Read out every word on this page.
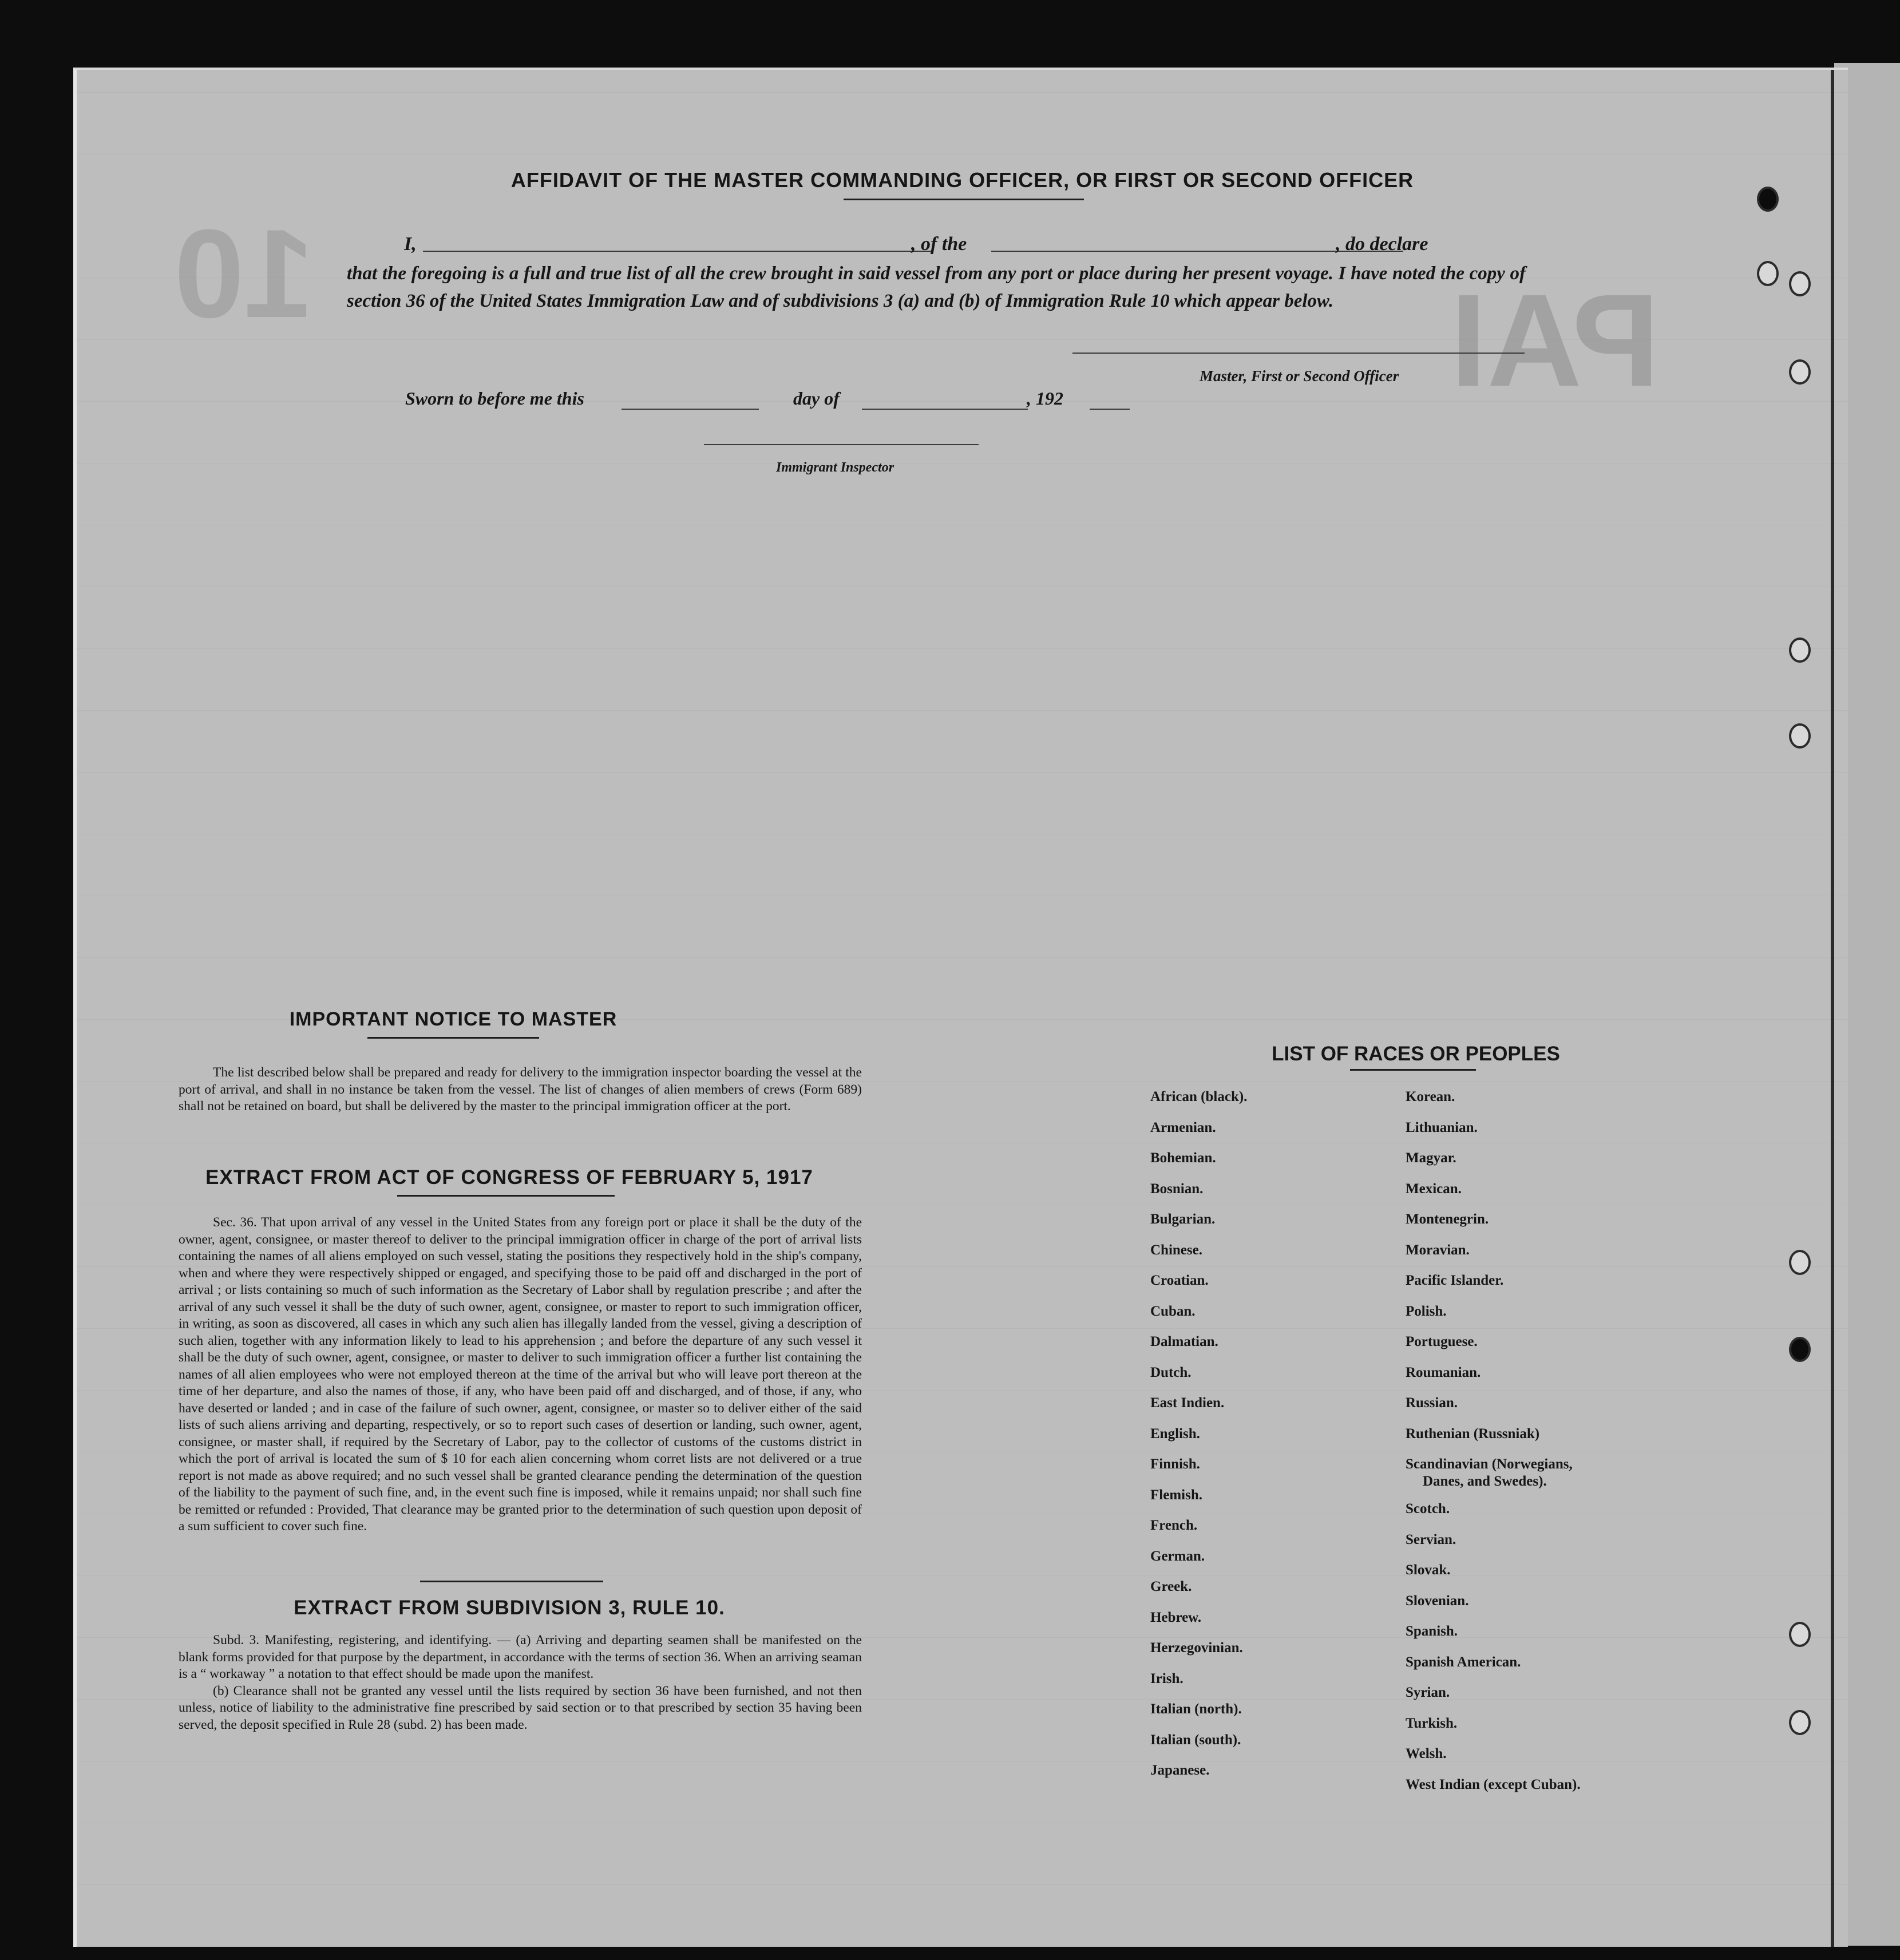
PAI
10
AFFIDAVIT OF THE MASTER COMMANDING OFFICER, OR FIRST OR SECOND OFFICER
I,	, of the	, do declare
that the foregoing is a full and true list of all the crew brought in said vessel from any port or place during her present voyage. I have noted the copy of section 36 of the United States Immigration Law and of subdivisions 3 (a) and (b) of Immigration Rule 10 which appear below.
Master, First or Second Officer
Sworn to before me this	day of	, 192
Immigrant Inspector
IMPORTANT NOTICE TO MASTER

The list described below shall be prepared and ready for delivery to the immigration inspector boarding the vessel at the port of arrival, and shall in no instance be taken from the vessel. The list of changes of alien members of crews (Form 689) shall not be retained on board, but shall be delivered by the master to the principal immigration officer at the port.

EXTRACT FROM ACT OF CONGRESS OF FEBRUARY 5, 1917

Sec. 36. That upon arrival of any vessel in the United States from any foreign port or place it shall be the duty of the owner, agent, consignee, or master thereof to deliver to the principal immigration officer in charge of the port of arrival lists containing the names of all aliens employed on such vessel, stating the positions they respectively hold in the ship's company, when and where they were respectively shipped or engaged, and specifying those to be paid off and discharged in the port of arrival ; or lists containing so much of such information as the Secretary of Labor shall by regulation prescribe ; and after the arrival of any such vessel it shall be the duty of such owner, agent, consignee, or master to report to such immigration officer, in writing, as soon as discovered, all cases in which any such alien has illegally landed from the vessel, giving a description of such alien, together with any information likely to lead to his apprehension ; and before the departure of any such vessel it shall be the duty of such owner, agent, consignee, or master to deliver to such immigration officer a further list containing the names of all alien employees who were not employed thereon at the time of the arrival but who will leave port thereon at the time of her departure, and also the names of those, if any, who have been paid off and discharged, and of those, if any, who have deserted or landed ; and in case of the failure of such owner, agent, consignee, or master so to deliver either of the said lists of such aliens arriving and departing, respectively, or so to report such cases of desertion or landing, such owner, agent, consignee, or master shall, if required by the Secretary of Labor, pay to the collector of customs of the customs district in which the port of arrival is located the sum of $ 10 for each alien concerning whom corret lists are not delivered or a true report is not made as above required; and no such vessel shall be granted clearance pending the determination of the question of the liability to the payment of such fine, and, in the event such fine is imposed, while it remains unpaid; nor shall such fine be remitted or refunded : Provided, That clearance may be granted prior to the determination of such question upon deposit of a sum sufficient to cover such fine.

EXTRACT FROM SUBDIVISION 3, RULE 10.

Subd. 3. Manifesting, registering, and identifying. — (a) Arriving and departing seamen shall be manifested on the blank forms provided for that purpose by the department, in accordance with the terms of section 36. When an arriving seaman is a “ workaway ” a notation to that effect should be made upon the manifest.

(b) Clearance shall not be granted any vessel until the lists required by section 36 have been furnished, and not then unless, notice of liability to the administrative fine prescribed by said section or to that prescribed by section 35 having been served, the deposit specified in Rule 28 (subd. 2) has been made.

LIST OF RACES OR PEOPLES
African (black).
Armenian.
Bohemian.
Bosnian.
Bulgarian.
Chinese.
Croatian.
Cuban.
Dalmatian.
Dutch.
East Indien.
English.
Finnish.
Flemish.
French.
German.
Greek.
Hebrew.
Herzegovinian.
Irish.
Italian (north).
Italian (south).
Japanese.
Korean.
Lithuanian.
Magyar.
Mexican.
Montenegrin.
Moravian.
Pacific Islander.
Polish.
Portuguese.
Roumanian.
Russian.
Ruthenian (Russniak)
Scandinavian (Norwegians,
Danes, and Swedes).
Scotch.
Servian.
Slovak.
Slovenian.
Spanish.
Spanish American.
Syrian.
Turkish.
Welsh.
West Indian (except Cuban).
